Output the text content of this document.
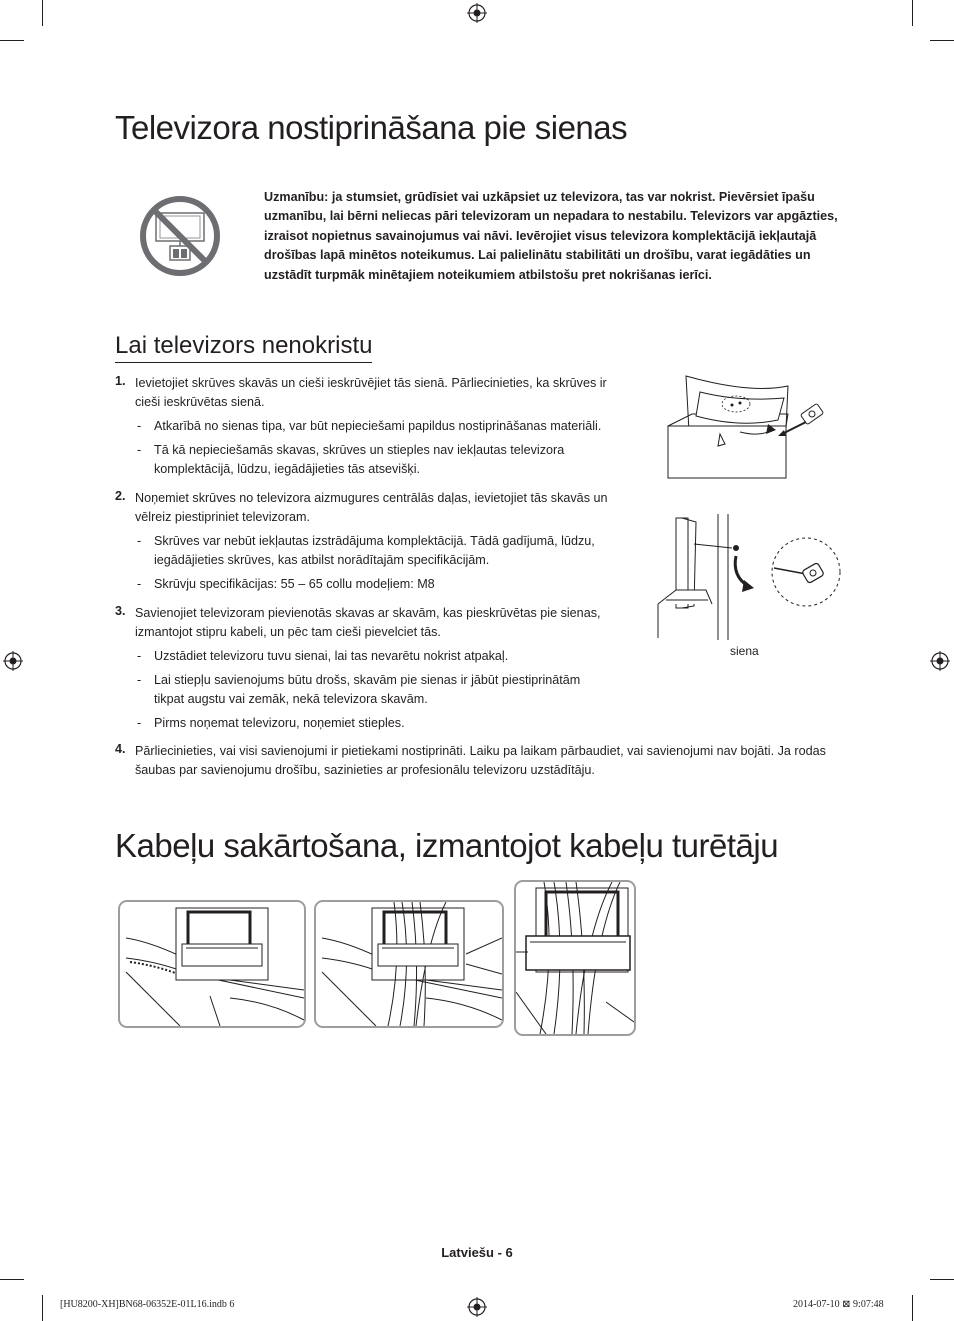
Televizora nostiprināšana pie sienas
Uzmanību: ja stumsiet, grūdīsiet vai uzkāpsiet uz televizora, tas var nokrist. Pievērsiet īpašu uzmanību, lai bērni neliecas pāri televizoram un nepadara to nestabilu. Televizors var apgāzties, izraisot nopietnus savainojumus vai nāvi. Ievērojiet visus televizora komplektācijā iekļautajā drošības lapā minētos noteikumus. Lai palielinātu stabilitāti un drošību, varat iegādāties un uzstādīt turpmāk minētajiem noteikumiem atbilstošu pret nokrišanas ierīci.
Lai televizors nenokristu
1. Ievietojiet skrūves skavās un cieši ieskrūvējiet tās sienā. Pārliecinieties, ka skrūves ir
cieši ieskrūvētas sienā.
- Atkarībā no sienas tipa, var būt nepieciešami papildus nostiprināšanas materiāli.
- Tā kā nepieciešamās skavas, skrūves un stieples nav iekļautas televizora
komplektācijā, lūdzu, iegādājieties tās atsevišķi.
2. Noņemiet skrūves no televizora aizmugures centrālās daļas, ievietojiet tās skavās un
vēlreiz piestipriniet televizoram.
- Skrūves var nebūt iekļautas izstrādājuma komplektācijā. Tādā gadījumā, lūdzu,
iegādājieties skrūves, kas atbilst norādītajām specifikācijām.
- Skrūvju specifikācijas: 55 – 65 collu modeļiem: M8
3. Savienojiet televizoram pievienotās skavas ar skavām, kas pieskrūvētas pie sienas,
izmantojot stipru kabeli, un pēc tam cieši pievelciet tās.
- Uzstādiet televizoru tuvu sienai, lai tas nevarētu nokrist atpakaļ.
- Lai stiepļu savienojums būtu drošs, skavām pie sienas ir jābūt piestiprinātām
tikpat augstu vai zemāk, nekā televizora skavām.
- Pirms noņemat televizoru, noņemiet stieples.
4. Pārliecinieties, vai visi savienojumi ir pietiekami nostiprināti. Laiku pa laikam pārbaudiet, vai savienojumi nav bojāti. Ja rodas
šaubas par savienojumu drošību, sazinieties ar profesionālu televizoru uzstādītāju.
siena
Kabeļu sakārtošana, izmantojot kabeļu turētāju
Latviešu - 6
[HU8200-XH]BN68-06352E-01L16.indb 6	2014-07-10 ⊠ 9:07:48
